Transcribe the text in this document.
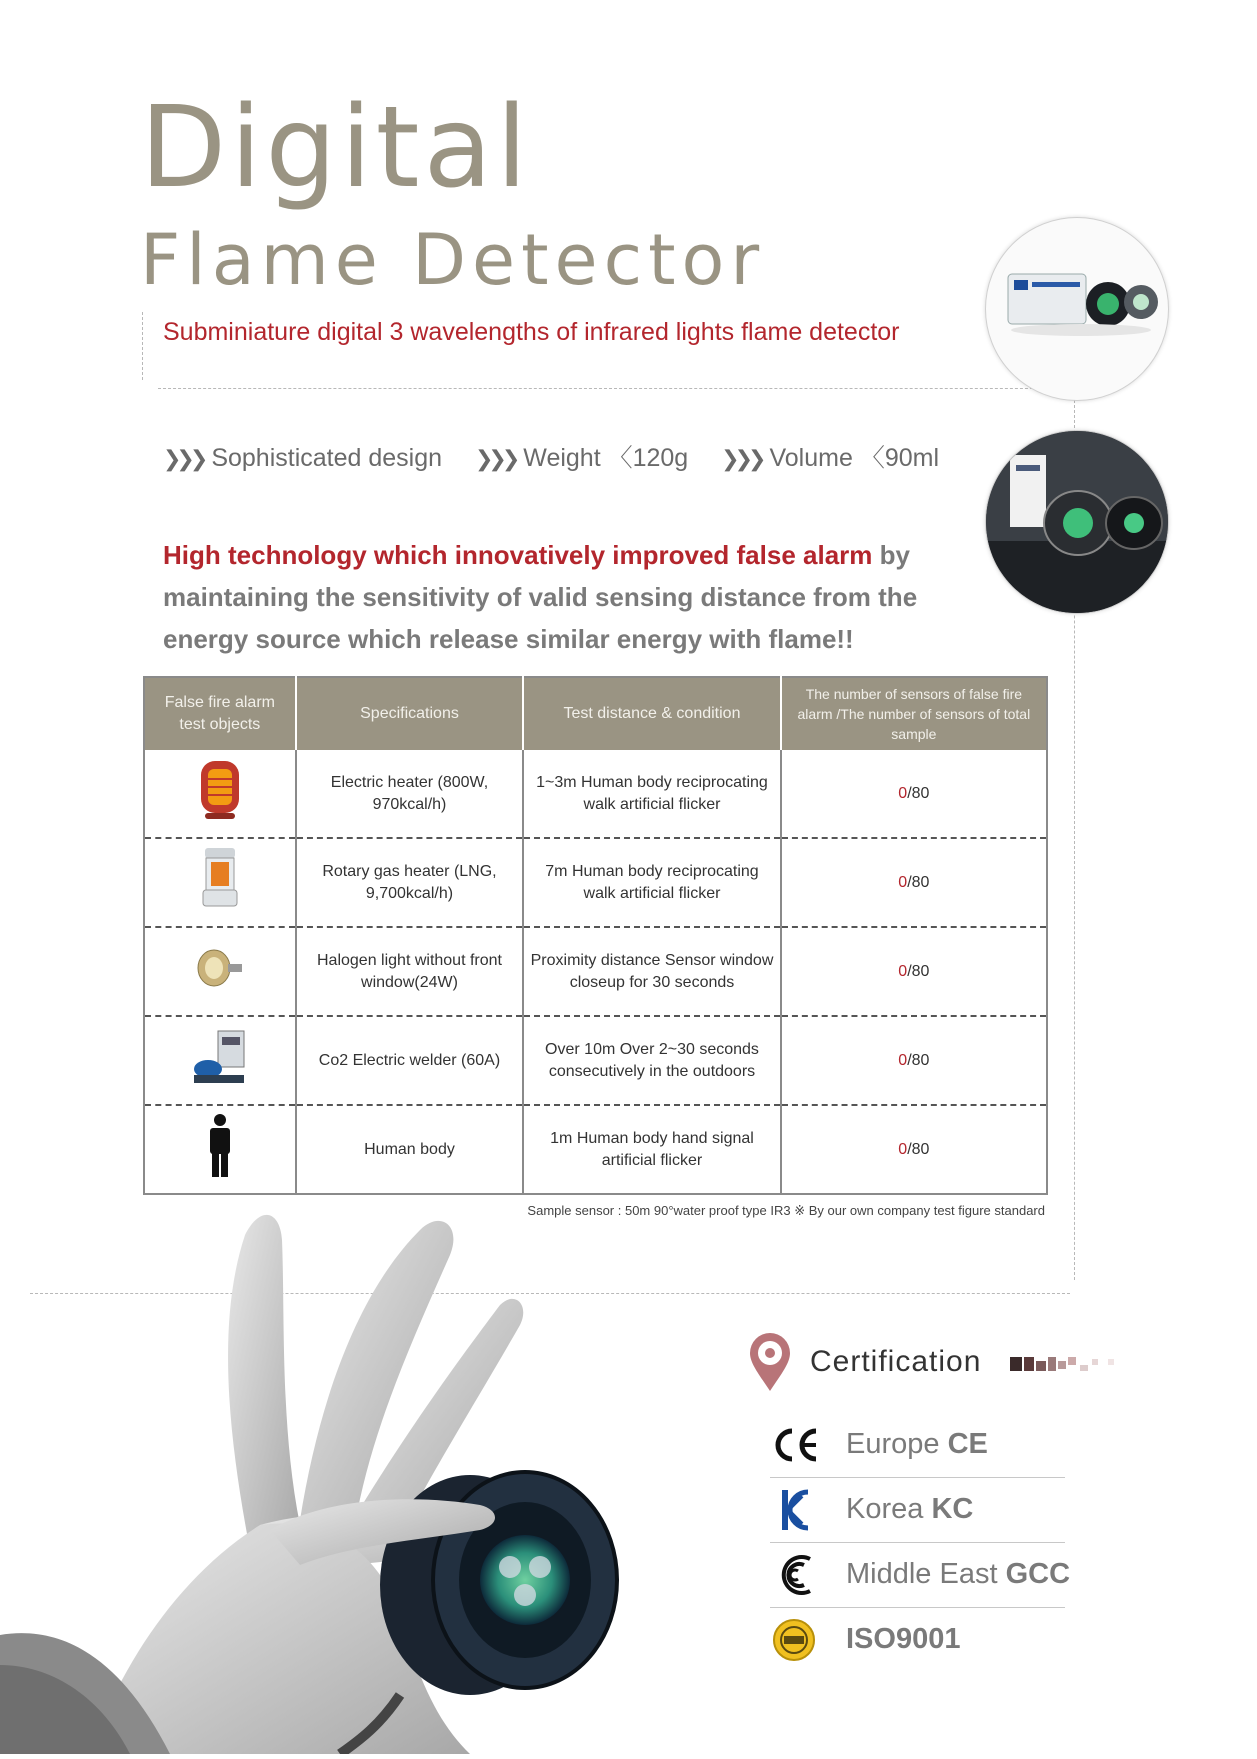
Digital
Flame Detector
Subminiature digital 3 wavelengths of infrared lights flame detector
❯❯❯ Sophisticated design ❯❯❯ Weight 〈120g ❯❯❯ Volume 〈90ml
High technology which innovatively improved false alarm by maintaining the sensitivity of valid sensing distance from the energy source which release similar energy with flame!!
False fire alarm test objects	Specifications	Test distance & condition	The number of sensors of false fire alarm /The number of sensors of total sample
	Electric heater (800W, 970kcal/h)	1~3m Human body reciprocating walk artificial flicker	0/80
	Rotary gas heater (LNG, 9,700kcal/h)	7m Human body reciprocating walk artificial flicker	0/80
	Halogen light without front window(24W)	Proximity distance Sensor window closeup for 30 seconds	0/80
	Co2 Electric welder (60A)	Over 10m Over 2~30 seconds consecutively in the outdoors	0/80
	Human body	1m Human body hand signal artificial flicker	0/80
Sample sensor : 50m 90°water proof type IR3 ※ By our own company test figure standard
Certification
Europe CE
Korea KC
Middle East GCC
ISO9001
